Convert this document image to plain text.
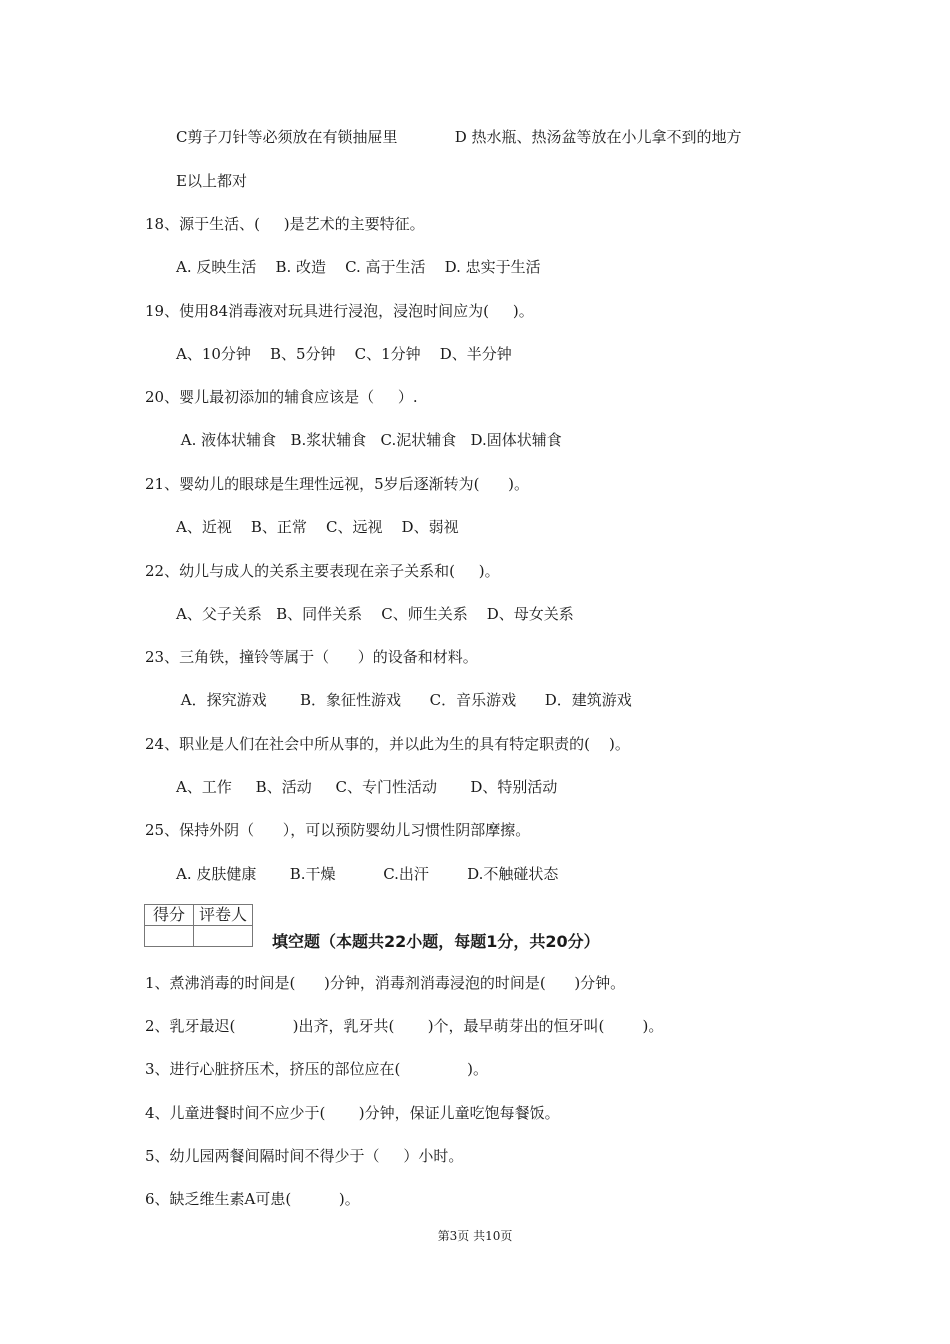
C剪子刀针等必须放在有锁抽屉里            D 热水瓶、热汤盆等放在小儿拿不到的地方
E以上都对
18、源于生活、(     )是艺术的主要特征。
A. 反映生活    B. 改造    C. 高于生活    D. 忠实于生活
19、使用84消毒液对玩具进行浸泡，浸泡时间应为(     )。
A、10分钟    B、5分钟    C、1分钟    D、半分钟
20、婴儿最初添加的辅食应该是（     ）.
A. 液体状辅食   B.浆状辅食   C.泥状辅食   D.固体状辅食
21、婴幼儿的眼球是生理性远视，5岁后逐渐转为(      )。
A、近视    B、正常    C、远视    D、弱视
22、幼儿与成人的关系主要表现在亲子关系和(     )。
A、父子关系   B、同伴关系    C、师生关系    D、母女关系
23、三角铁，撞铃等属于（      ）的设备和材料。
A．探究游戏       B．象征性游戏      C．音乐游戏      D．建筑游戏
24、职业是人们在社会中所从事的，并以此为生的具有特定职责的(    )。
A、工作     B、活动     C、专门性活动       D、特别活动
25、保持外阴（      ），可以预防婴幼儿习惯性阴部摩擦。
A. 皮肤健康       B.干燥          C.出汗        D.不触碰状态
1、煮沸消毒的时间是(      )分钟，消毒剂消毒浸泡的时间是(      )分钟。
2、乳牙最迟(            )出齐，乳牙共(       )个，最早萌芽出的恒牙叫(        )。
3、进行心脏挤压术，挤压的部位应在(              )。
4、儿童进餐时间不应少于(       )分钟，保证儿童吃饱每餐饭。
5、幼儿园两餐间隔时间不得少于（     ）小时。
6、缺乏维生素A可患(          )。
得分	评卷人

填空题（本题共22小题，每题1分，共20分）
第3页 共10页
